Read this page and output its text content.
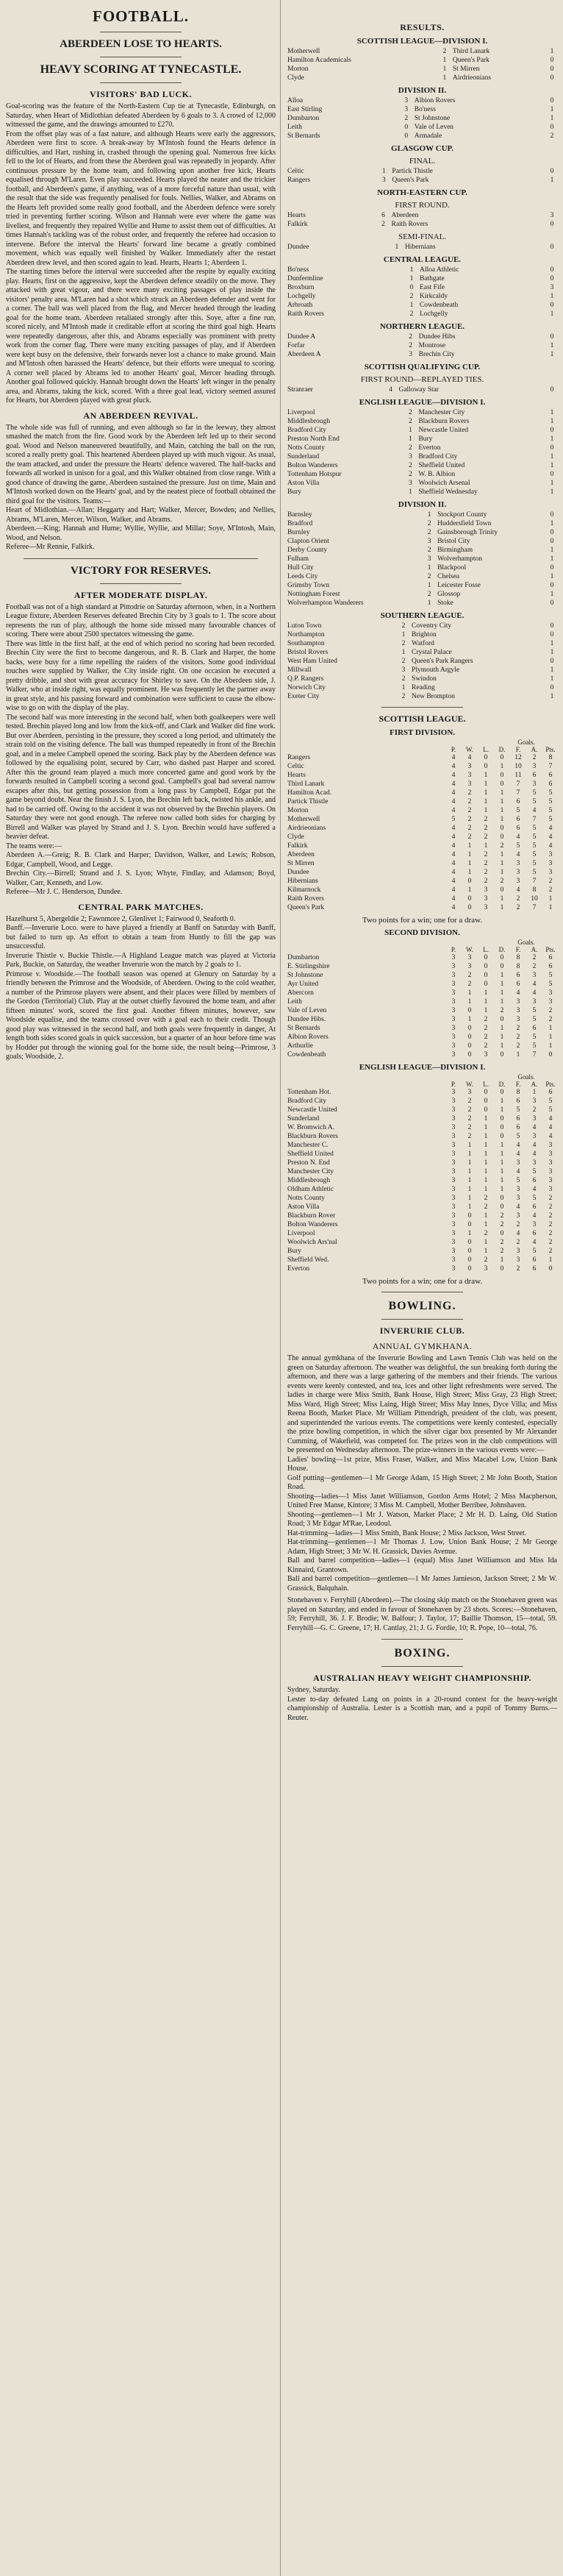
FOOTBALL.
ABERDEEN LOSE TO HEARTS.
HEAVY SCORING AT TYNECASTLE.
VISITORS' BAD LUCK.
Goal-scoring was the feature of the North-Eastern Cup tie at Tynecastle, Edinburgh, on Saturday, when Heart of Midlothian defeated Aberdeen by 6 goals to 3. A crowd of 12,000 witnessed the game, and the drawings amounted to £270.
From the offset play was of a fast nature, and although Hearts were early the aggressors, Aberdeen were first to score. A break-away by M'Intosh found the Hearts defence in difficulties, and Hart, rushing in, crashed through the opening goal. Numerous free kicks fell to the lot of Hearts, and from these the Aberdeen goal was repeatedly in jeopardy. After continuous pressure by the home team, and following upon another free kick, Hearts equalised through M'Laren. Even play succeeded. Hearts played the neater and the trickier football, and Aberdeen's game, if anything, was of a more forceful nature than usual, with the result that the side was frequently penalised for fouls. Nellies, Walker, and Abrams on the Hearts left provided some really good football, and the Aberdeen defence were sorely tried in preventing further scoring. Wilson and Hannah were ever where the game was liveliest, and frequently they repaired Wyllie and Hume to assist them out of difficulties. At times Hannah's tackling was of the robust order, and frequently the referee had occasion to intervene. Before the interval the Hearts' forward line became a greatly combined movement, which was equally well finished by Walker. Immediately after the restart Aberdeen drew level, and then scored again to lead. Hearts, Hearts 1; Aberdeen 1.
The starting times before the interval were succeeded after the respite by equally exciting play. Hearts, first on the aggressive, kept the Aberdeen defence steadily on the move. They attacked with great vigour, and there were many exciting passages of play inside the visitors' penalty area. M'Laren had a shot which struck an Aberdeen defender and went for a corner. The ball was well placed from the flag, and Mercer headed through the leading goal for the home team. Aberdeen retaliated strongly after this. Soye, after a fine run, scored nicely, and M'Intosh made it creditable effort at scoring the third goal high. Hearts were repeatedly dangerous, after this, and Abrams especially was prominent with pretty work from the corner flag. There were many exciting passages of play, and if Aberdeen were kept busy on the defensive, their forwards never lost a chance to make ground. Main and M'Intosh often harassed the Hearts' defence, but their efforts were unequal to scoring. A corner well placed by Abrams led to another Hearts' goal, Mercer heading through. Another goal followed quickly. Hannah brought down the Hearts' left winger in the penalty area, and Abrams, taking the kick, scored. With a three goal lead, victory seemed assured for Hearts, but Aberdeen played with great pluck.
AN ABERDEEN REVIVAL.
The whole side was full of running, and even although so far in the leeway, they almost smashed the match from the fire. Good work by the Aberdeen left led up to their second goal. Wood and Nelson maneuvered beautifully, and Main, catching the ball on the run, scored a really pretty goal. This heartened Aberdeen played up with much vigour. As usual, the team attacked, and under the pressure the Hearts' defence wavered. The half-backs and forwards all worked in unison for a goal, and this Walker obtained from close range. With a good chance of drawing the game, Aberdeen sustained the pressure. Just on time, Main and M'Intosh worked down on the Hearts' goal, and by the neatest piece of football obtained the third goal for the visitors. Teams:—
Heart of Midlothian.—Allan; Heggarty and Hart; Walker, Mercer, Bowden; and Nellies, Abrams, M'Laren, Mercer, Wilson, Walker, and Abrams.
Aberdeen.—King; Hannah and Hume; Wyllie, Wyllie, and Millar; Soye, M'Intosh, Main, Wood, and Nelson.
Referee—Mr Rennie, Falkirk.
VICTORY FOR RESERVES.
AFTER MODERATE DISPLAY.
Football was not of a high standard at Pittodrie on Saturday afternoon, when, in a Northern League fixture, Aberdeen Reserves defeated Brechin City by 3 goals to 1. The score about represents the run of play, although the home side missed many favourable chances of scoring. There were about 2500 spectators witnessing the game.
There was little in the first half, at the end of which period no scoring had been recorded. Brechin City were the first to become dangerous, and R. B. Clark and Harper, the home backs, were busy for a time repelling the raiders of the visitors. Some good individual touches were supplied by Walker, the City inside right. On one occasion he executed a pretty dribble, and shot with great accuracy for Shirley to save. On the Aberdeen side, J. Walker, who at inside right, was equally prominent. He was frequently let the partner away in great style, and his passing forward and combination were sufficient to cause the elbow-wise to go on with the display of the play.
The second half was more interesting in the second half, when both goalkeepers were well tested. Brechin played long and low from the kick-off, and Clark and Walker did fine work. But over Aberdeen, persisting in the pressure, they scored a long period, and ultimately the strain told on the visiting defence. The ball was thumped repeatedly in front of the Brechin goal, and in a melee Campbell opened the scoring. Back play by the Aberdeen defence was followed by the equalising point, secured by Carr, who dashed past Harper and scored. After this the ground team played a much more concerted game and good work by the forwards resulted in Campbell scoring a second goal. Campbell's goal had several narrow escapes after this, but getting possession from a long pass by Campbell, Edgar put the game beyond doubt. Near the finish J. S. Lyon, the Brechin left back, twisted his ankle, and had to be carried off. Owing to the accident it was not observed by the Brechin players. On Saturday they were not good enough. The referee now called both sides for charging by Birrell and Walker was played by Strand and J. S. Lyon. Brechin would have suffered a heavier defeat.
The teams were:—
Aberdeen A.—Greig; R. B. Clark and Harper; Davidson, Walker, and Lewis; Robson, Edgar, Campbell, Wood, and Legge.
Brechin City.—Birrell; Strand and J. S. Lyon; Whyte, Findlay, and Adamson; Boyd, Walker, Carr, Kenneth, and Low.
Referee—Mr J. C. Henderson, Dundee.
CENTRAL PARK MATCHES.
Hazelhurst 5, Abergeldie 2; Fawnmore 2, Glenlivet 1; Fairwood 0, Seaforth 0.
Banff.—Inverurie Loco. were to have played a friendly at Banff on Saturday with Banff, but failed to turn up. An effort to obtain a team from Huntly to fill the gap was unsuccessful.
Inverurie Thistle v. Buckie Thistle.—A Highland League match was played at Victoria Park, Buckie, on Saturday, the weather Inverurie won the match by 2 goals to 1.
Primrose v. Woodside.—The football season was opened at Glenury on Saturday by a friendly between the Primrose and the Woodside, of Aberdeen. Owing to the cold weather, a number of the Primrose players were absent, and their places were filled by members of the Gordon (Territorial) Club. Play at the outset chiefly favoured the home team, and after fifteen minutes' work, scored the first goal. Another fifteen minutes, however, saw Woodside equalise, and the teams crossed over with a goal each to their credit. Though good play was witnessed in the second half, and both goals were frequently in danger, At length both sides scored goals in quick succession, but a quarter of an hour before time was by Hodder put through the winning goal for the home side, the result being—Primrose, 3 goals; Woodside, 2.
RESULTS.
SCOTTISH LEAGUE—DIVISION I.
Motherwell	2	Third Lanark	1
Hamilton Academicals	1	Queen's Park	0
Morton	1	St Mirren	0
Clyde	1	Airdrieonians	0
DIVISION II.
Alloa	3	Albion Rovers	0
East Stirling	3	Bo'ness	1
Dumbarton	2	St Johnstone	1
Leith	0	Vale of Leven	0
St Bernards	0	Armadale	2
GLASGOW CUP.
FINAL.
Celtic	1	Partick Thistle	0
Rangers	3	Queen's Park	1
NORTH-EASTERN CUP.
FIRST ROUND.
Hearts	6	Aberdeen	3
Falkirk	2	Raith Rovers	0
SEMI-FINAL.
Dundee	1	Hibernians	0
CENTRAL LEAGUE.
Bo'ness	1	Alloa Athletic	0
Dunfermline	1	Bathgate	0
Broxburn	0	East Fife	3
Lochgelly	2	Kirkcaldy	1
Arbroath	1	Cowdenbeath	0
Raith Rovers	2	Lochgelly	1
NORTHERN LEAGUE.
Dundee A	2	Dundee Hibs	0
Forfar	2	Montrose	1
Aberdeen A	3	Brechin City	1
SCOTTISH QUALIFYING CUP.
FIRST ROUND—REPLAYED TIES.
Stranraer	4	Galloway Star	0
ENGLISH LEAGUE—DIVISION I.
Liverpool	2	Manchester City	1
Middlesbrough	2	Blackburn Rovers	1
Bradford City	1	Newcastle United	0
Preston North End	1	Bury	1
Notts County	2	Everton	0
Sunderland	3	Bradford City	1
Bolton Wanderers	2	Sheffield United	1
Tottenham Hotspur	2	W. B. Albion	0
Aston Villa	3	Woolwich Arsenal	1
Bury	1	Sheffield Wednesday	1
DIVISION II.
Barnsley	1	Stockport County	0
Bradford	2	Huddersfield Town	1
Burnley	2	Gainsborough Trinity	0
Clapton Orient	3	Bristol City	0
Derby County	2	Birmingham	1
Fulham	3	Wolverhampton	1
Hull City	1	Blackpool	0
Leeds City	2	Chelsea	1
Grimsby Town	1	Leicester Fosse	0
Nottingham Forest	2	Glossop	1
Wolverhampton Wanderers	1	Stoke	0
SOUTHERN LEAGUE.
Luton Town	2	Coventry City	0
Northampton	1	Brighton	0
Southampton	2	Watford	1
Bristol Rovers	1	Crystal Palace	1
West Ham United	2	Queen's Park Rangers	0
Millwall	3	Plymouth Argyle	1
Q.P. Rangers	2	Swindon	1
Norwich City	1	Reading	0
Exeter City	2	New Brompton	1
SCOTTISH LEAGUE.
FIRST DIVISION.
					Goals.		
	P.	W.	L.	D.	F.	A.	Pts.
Rangers	4	4	0	0	12	2	8
Celtic	4	3	0	1	10	3	7
Hearts	4	3	1	0	11	6	6
Third Lanark	4	3	1	0	7	3	6
Hamilton Acad.	4	2	1	1	7	5	5
Partick Thistle	4	2	1	1	6	5	5
Morton	4	2	1	1	5	4	5
Motherwell	5	2	2	1	6	7	5
Airdrieonians	4	2	2	0	6	5	4
Clyde	4	2	2	0	4	5	4
Falkirk	4	1	1	2	5	5	4
Aberdeen	4	1	2	1	4	5	3
St Mirren	4	1	2	1	3	5	3
Dundee	4	1	2	1	3	5	3
Hibernians	4	0	2	2	3	7	2
Kilmarnock	4	1	3	0	4	8	2
Raith Rovers	4	0	3	1	2	10	1
Queen's Park	4	0	3	1	2	7	1
Two points for a win; one for a draw.
SECOND DIVISION.
					Goals.		
	P.	W.	L.	D.	F.	A.	Pts.
Dumbarton	3	3	0	0	8	2	6
E. Stirlingshire	3	3	0	0	8	2	6
St Johnstone	3	2	0	1	6	3	5
Ayr United	3	2	0	1	6	4	5
Abercorn	3	1	1	1	4	4	3
Leith	3	1	1	1	3	3	3
Vale of Leven	3	0	1	2	3	5	2
Dundee Hibs.	3	1	2	0	3	5	2
St Bernards	3	0	2	1	2	6	1
Albion Rovers	3	0	2	1	2	5	1
Arthurlie	3	0	2	1	2	5	1
Cowdenbeath	3	0	3	0	1	7	0
ENGLISH LEAGUE—DIVISION I.
					Goals.		
	P.	W.	L.	D.	F.	A.	Pts.
Tottenham Hot.	3	3	0	0	8	1	6
Bradford City	3	2	0	1	6	3	5
Newcastle United	3	2	0	1	5	2	5
Sunderland	3	2	1	0	6	3	4
W. Bromwich A.	3	2	1	0	6	4	4
Blackburn Rovers	3	2	1	0	5	3	4
Manchester C.	3	1	1	1	4	4	3
Sheffield United	3	1	1	1	4	4	3
Preston N. End	3	1	1	1	3	3	3
Manchester City	3	1	1	1	4	5	3
Middlesbrough	3	1	1	1	5	6	3
Oldham Athletic	3	1	1	1	3	4	3
Notts County	3	1	2	0	3	5	2
Aston Villa	3	1	2	0	4	6	2
Blackburn Rover	3	0	1	2	3	4	2
Bolton Wanderers	3	0	1	2	2	3	2
Liverpool	3	1	2	0	4	6	2
Woolwich Ars'nal	3	0	1	2	2	4	2
Bury	3	0	1	2	3	5	2
Sheffield Wed.	3	0	2	1	3	6	1
Everton	3	0	3	0	2	6	0
Two points for a win; one for a draw.
BOWLING.
INVERURIE CLUB.
ANNUAL GYMKHANA.
The annual gymkhana of the Inverurie Bowling and Lawn Tennis Club was held on the green on Saturday afternoon. The weather was delightful, the sun breaking forth during the afternoon, and there was a large gathering of the members and their friends. The various events were keenly contested, and tea, ices and other light refreshments were served. The ladies in charge were Miss Smith, Bank House, High Street; Miss Gray, 23 High Street; Miss Ward, High Street; Miss Laing, High Street; Miss May Innes, Dyce Villa; and Miss Reena Booth, Market Place. Mr William Pittendrigh, president of the club, was present, and superintended the various events. The competitions were keenly contested, especially the prize bowling competition, in which the silver cigar box presented by Mr Alexander Cumming, of Wakefield, was competed for. The prizes won in the club competitions will be presented on Wednesday afternoon. The prize-winners in the various events were:—
Ladies' bowling—1st prize, Miss Fraser, Walker, and Miss Macabel Low, Union Bank House.
Golf putting—gentlemen—1 Mr George Adam, 15 High Street; 2 Mr John Booth, Station Road.
Shooting—ladies—1 Miss Janet Williamson, Gordon Arms Hotel; 2 Miss Macpherson, United Free Manse, Kintore; 3 Miss M. Campbell, Mother Berribee, Johnshaven.
Shooting—gentlemen—1 Mr J. Watson, Market Place; 2 Mr H. D. Laing, Old Station Road; 3 Mr Edgar M'Rae, Leodoul.
Hat-trimming—ladies—1 Miss Smith, Bank House; 2 Miss Jackson, West Street.
Hat-trimming—gentlemen—1 Mr Thomas J. Low, Union Bank House; 2 Mr George Adam, High Street; 3 Mr W. H. Grassick, Davies Avenue.
Ball and barrel competition—ladies—1 (equal) Miss Janet Williamson and Miss Ida Kinnaird, Grantown.
Ball and barrel competition—gentlemen—1 Mr James Jamieson, Jackson Street; 2 Mr W. Grassick, Balquhain.
Stonehaven v. Ferryhill (Aberdeen).—The closing skip match on the Stonehaven green was played on Saturday, and ended in favour of Stonehaven by 23 shots. Scores:—Stonehaven, 59; Ferryhill, 36. J. F. Brodie; W. Balfour; J. Taylor, 17; Baillie Thomson, 15—total, 59. Ferryhill—G. C. Greene, 17; H. Cantlay, 21; J. G. Fordie, 10; R. Pope, 10—total, 76.
BOXING.
AUSTRALIAN HEAVY WEIGHT CHAMPIONSHIP.
Sydney, Saturday.
Lester to-day defeated Lang on points in a 20-round contest for the heavy-weight championship of Australia. Lester is a Scottish man, and a pupil of Tommy Burns.—Reuter.
